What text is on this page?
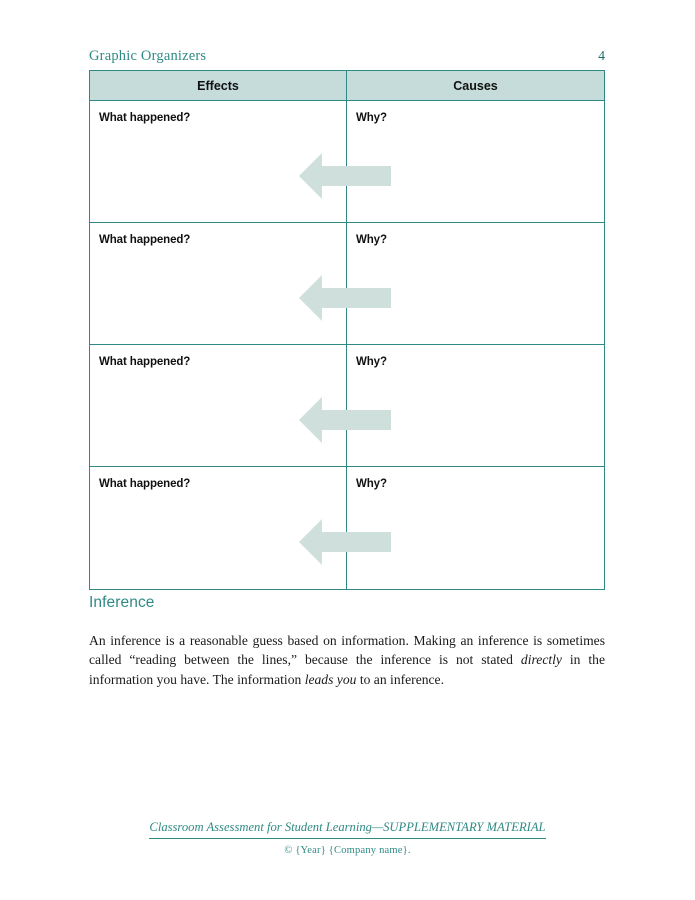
Graphic Organizers	4
Effects	Causes
What happened?	Why?
What happened?	Why?
What happened?	Why?
What happened?	Why?
Inference

An inference is a reasonable guess based on information. Making an inference is sometimes called “reading between the lines,” because the inference is not stated directly in the information you have. The information leads you to an inference.

Classroom Assessment for Student Learning—SUPPLEMENTARY MATERIAL
© {Year} {Company name}.
